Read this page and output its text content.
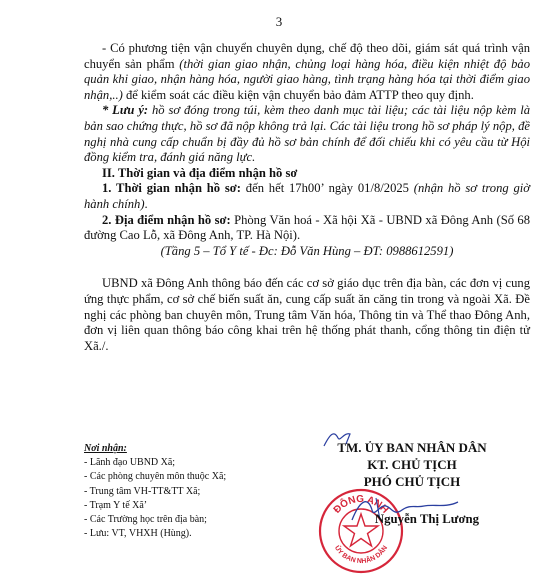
3

- Có phương tiện vận chuyển chuyên dụng, chế độ theo dõi, giám sát quá trình vận chuyển sản phẩm (thời gian giao nhận, chủng loại hàng hóa, điều kiện nhiệt độ bảo quản khi giao, nhận hàng hóa, người giao hàng, tình trạng hàng hóa tại thời điểm giao nhận,..) để kiểm soát các điều kiện vận chuyển bảo đảm ATTP theo quy định.

* Lưu ý: hồ sơ đóng trong túi, kèm theo danh mục tài liệu; các tài liệu nộp kèm là bản sao chứng thực, hồ sơ đã nộp không trả lại. Các tài liệu trong hồ sơ pháp lý nộp, đề nghị nhà cung cấp chuẩn bị đầy đủ hồ sơ bản chính để đối chiếu khi có yêu cầu từ Hội đồng kiểm tra, đánh giá năng lực.

II. Thời gian và địa điểm nhận hồ sơ

1. Thời gian nhận hồ sơ: đến hết 17h00’ ngày 01/8/2025 (nhận hồ sơ trong giờ hành chính).

2. Địa điểm nhận hồ sơ: Phòng Văn hoá - Xã hội Xã - UBND xã Đông Anh (Số 68 đường Cao Lỗ, xã Đông Anh, TP. Hà Nội).

(Tầng 5 – Tổ Y tế - Đc: Đỗ Văn Hùng – ĐT: 0988612591)

UBND xã Đông Anh thông báo đến các cơ sở giáo dục trên địa bàn, các đơn vị cung ứng thực phẩm, cơ sở chế biến suất ăn, cung cấp suất ăn căng tin trong và ngoài Xã. Đề nghị các phòng ban chuyên môn, Trung tâm Văn hóa, Thông tin và Thể thao Đông Anh, đơn vị liên quan thông báo công khai trên hệ thống phát thanh, cổng thông tin điện tử Xã./.

Nơi nhận:
- Lãnh đạo UBND Xã;
- Các phòng chuyên môn thuộc Xã;
- Trung tâm VH-TT&TT Xã;
- Trạm Y tế Xã’
- Các Trường học trên địa bàn;
- Lưu: VT, VHXH (Hùng).
TM. ỦY BAN NHÂN DÂN
KT. CHỦ TỊCH
PHÓ CHỦ TỊCH
ĐÔNG ANH
ỦY BAN NHÂN DÂN
Nguyễn Thị Lương
